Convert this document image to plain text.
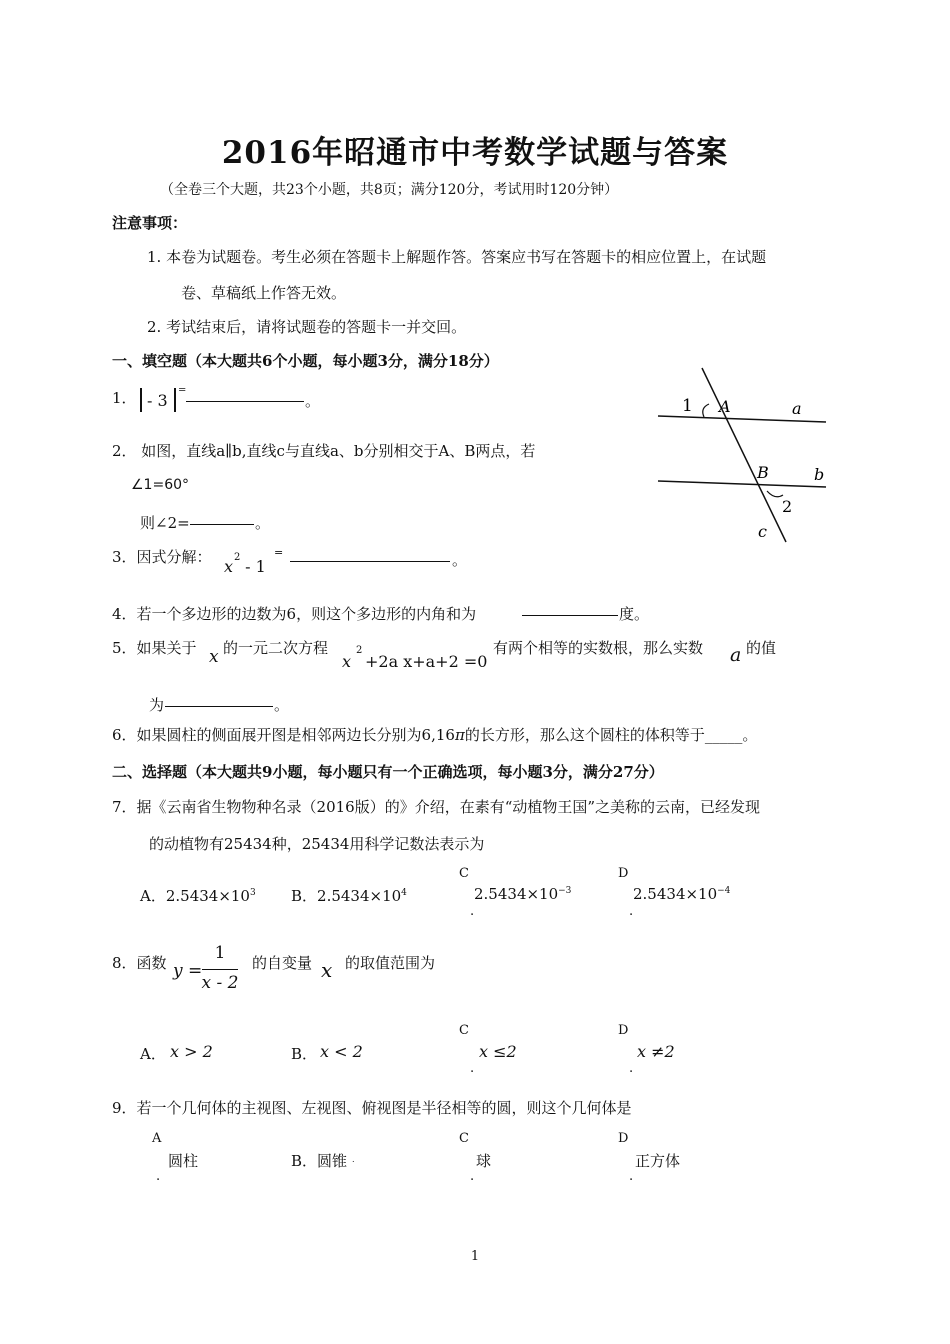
2016年昭通市中考数学试题与答案
（全卷三个大题，共23个小题，共8页；满分120分，考试用时120分钟）
注意事项：
1. 本卷为试题卷。考生必须在答题卡上解题作答。答案应书写在答题卡的相应位置上，在试题
卷、草稿纸上作答无效。
2. 考试结束后，请将试题卷的答题卡一并交回。
一、填空题（本大题共6个小题，每小题3分，满分18分）
1． - 3
=
。
2． 如图，直线a∥b,直线c与直线a、b分别相交于A、B两点，若
∠1=60°
则∠2=	。
1 A	a
B	b
2
c
3．因式分解： x 2 - 1
=	。
4．若一个多边形的边数为6，则这个多边形的内角和为	度。
5．如果关于 x 的一元二次方程
x
2
+2a x+a+2 =0
有两个相等的实数根，那么实数 a 的值
为	。
6．如果圆柱的侧面展开图是相邻两边长分别为6,16π的长方形，那么这个圆柱的体积等于_____。
二、选择题（本大题共9小题，每小题只有一个正确选项，每小题3分，满分27分）
7．据《云南省生物物种名录（2016版）的》介绍，在素有“动植物王国”之美称的云南，已经发现
的动植物有25434种，25434用科学记数法表示为
A．$2.5434\times 10^3$ B．$2.5434\times 10^4$
C
$2.5434\times 10^{-3}$
.
D
$2.5434\times 10^{-4}$
.
8．函数 y =
1
x - 2
的自变量 x 的取值范围为
A． x > 2	B． x < 2
C
x ≤2
.
D
x ≠2
.
9．若一个几何体的主视图、左视图、俯视图是半径相等的圆，则这个几何体是
A
圆柱
.
B．圆锥 .
C
球
.
D
正方体
.
1
